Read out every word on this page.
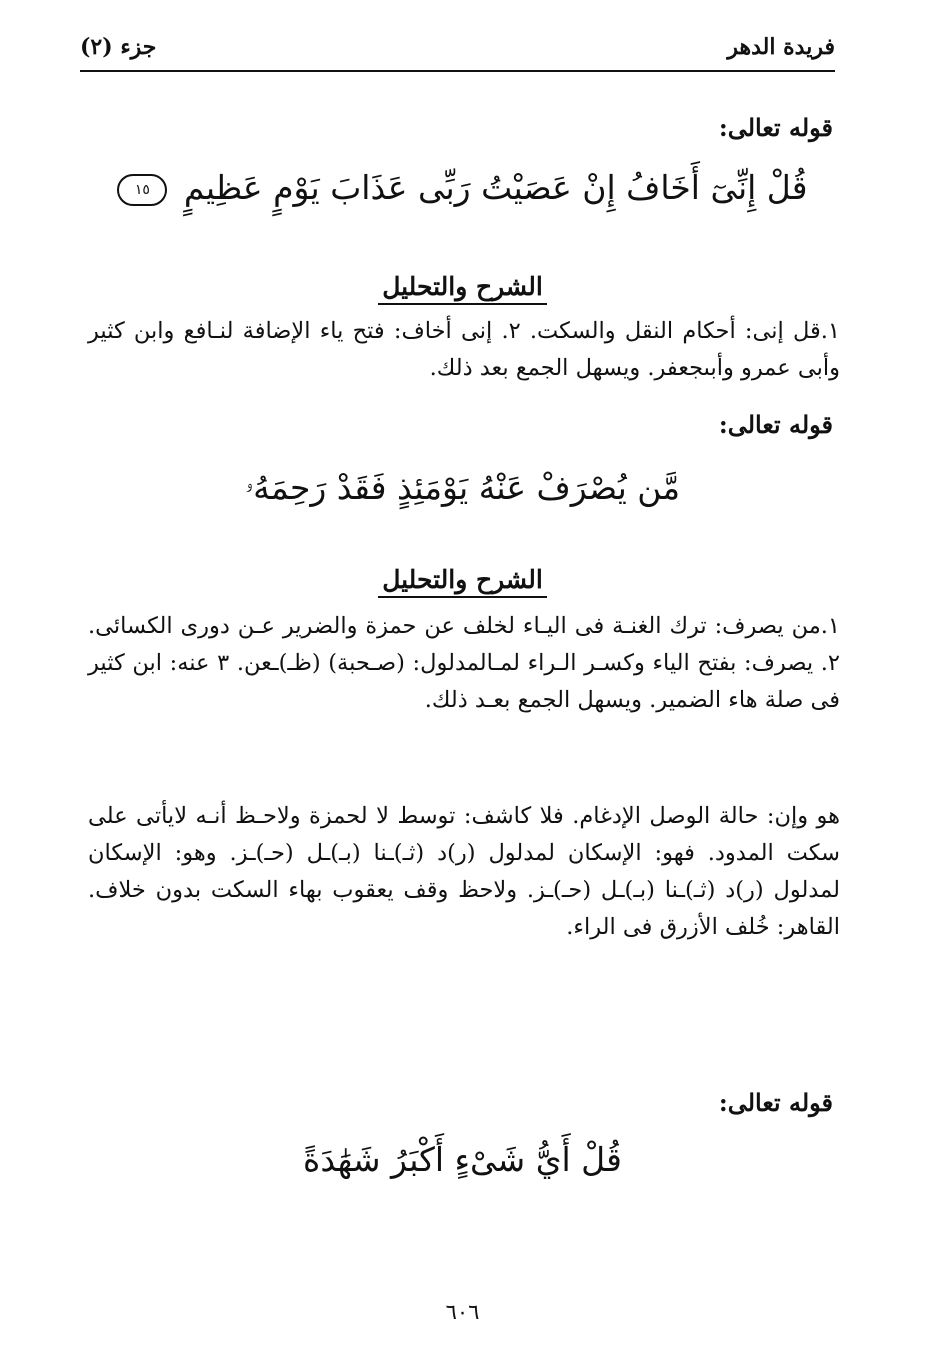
فريدة الدهر
جزء (٢)
قوله تعالى:
قُلْ إِنِّىٓ أَخَافُ إِنْ عَصَيْتُ رَبِّى عَذَابَ يَوْمٍ عَظِيمٍ ١٥
الشرح والتحليل
١.قل إنى: أحكام النقل والسكت. ٢. إنى أخاف: فتح ياء الإضافة لنـافع وابن كثير وأبى عمرو وأبىجعفر. ويسهل الجمع بعد ذلك.
قوله تعالى:
مَّن يُصْرَفْ عَنْهُ يَوْمَئِذٍ فَقَدْ رَحِمَهُۥ
الشرح والتحليل
١.من يصرف: ترك الغنـة فى اليـاء لخلف عن حمزة والضرير عـن دورى الكسائى. ٢. يصرف: بفتح الياء وكسـر الـراء لمـالمدلول: (صـحبة) (ظـ)ـعن. ٣ عنه: ابن كثير فى صلة هاء الضمير. ويسهل الجمع بعـد ذلك.
هو وإن: حالة الوصل الإدغام. فلا كاشف: توسط لا لحمزة ولاحـظ أنـه لايأتى على سكت المدود. فهو: الإسكان لمدلول (ر)د (ثـ)ـنا (بـ)ـل (حـ)ـز. وهو: الإسكان لمدلول (ر)د (ثـ)ـنا (بـ)ـل (حـ)ـز. ولاحظ وقف يعقوب بهاء السكت بدون خلاف. القاهر: خُلف الأزرق فى الراء.
قوله تعالى:
قُلْ أَيُّ شَىْءٍ أَكْبَرُ شَهَٰدَةً
٦٠٦
